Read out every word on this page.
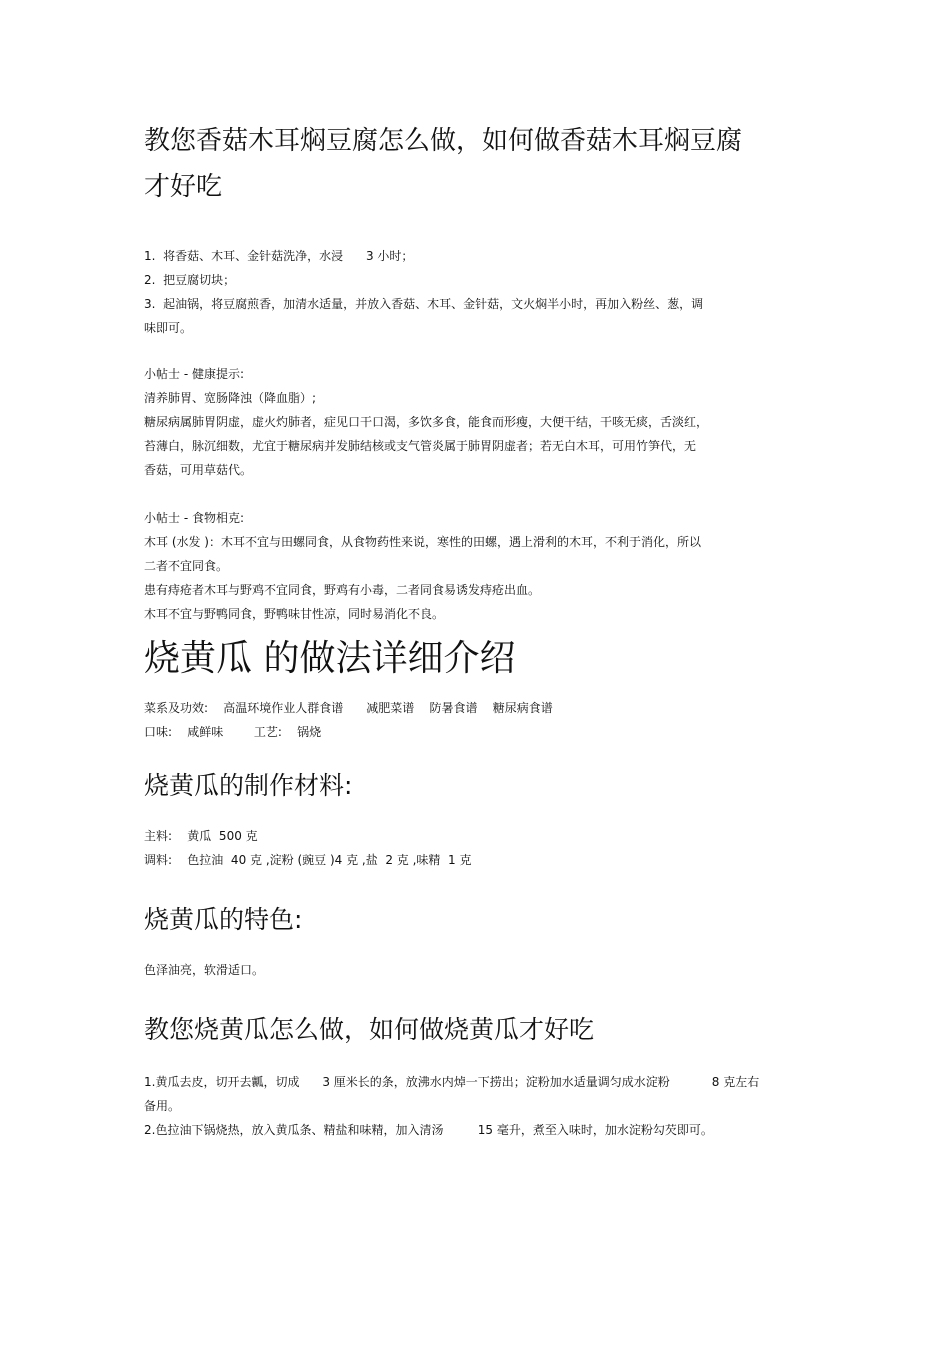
教您香菇木耳焖豆腐怎么做，如何做香菇木耳焖豆腐
才好吃

1.  将香菇、木耳、金针菇洗净，水浸      3 小时；

2.  把豆腐切块；

3.  起油锅，将豆腐煎香，加清水适量，并放入香菇、木耳、金针菇，文火焖半小时，再加入粉丝、葱，调

味即可。

小帖士 - 健康提示:

清养肺胃、宽肠降浊（降血脂）;

糖尿病属肺胃阴虚，虚火灼肺者，症见口干口渴，多饮多食，能食而形瘦，大便干结，干咳无痰，舌淡红，

苔薄白，脉沉细数，尤宜于糖尿病并发肺结核或支气管炎属于肺胃阴虚者；若无白木耳，可用竹笋代，无

香菇，可用草菇代。

小帖士 - 食物相克:

木耳 (水发 )：木耳不宜与田螺同食，从食物药性来说，寒性的田螺，遇上滑利的木耳，不利于消化，所以

二者不宜同食。

患有痔疮者木耳与野鸡不宜同食，野鸡有小毒，二者同食易诱发痔疮出血。

木耳不宜与野鸭同食，野鸭味甘性凉，同时易消化不良。

烧黄瓜 的做法详细介绍

菜系及功效:    高温环境作业人群食谱      减肥菜谱    防暑食谱    糖尿病食谱

口味:    咸鲜味        工艺:    锅烧

烧黄瓜的制作材料:

主料:    黄瓜  500 克

调料:    色拉油  40 克 ,淀粉 (豌豆 )4 克 ,盐  2 克 ,味精  1 克

烧黄瓜的特色:

色泽油亮，软滑适口。

教您烧黄瓜怎么做，如何做烧黄瓜才好吃

1.黄瓜去皮，切开去瓤，切成      3 厘米长的条，放沸水内焯一下捞出；淀粉加水适量调匀成水淀粉           8 克左右

备用。

2.色拉油下锅烧热，放入黄瓜条、精盐和味精，加入清汤         15 毫升，煮至入味时，加水淀粉勾芡即可。
